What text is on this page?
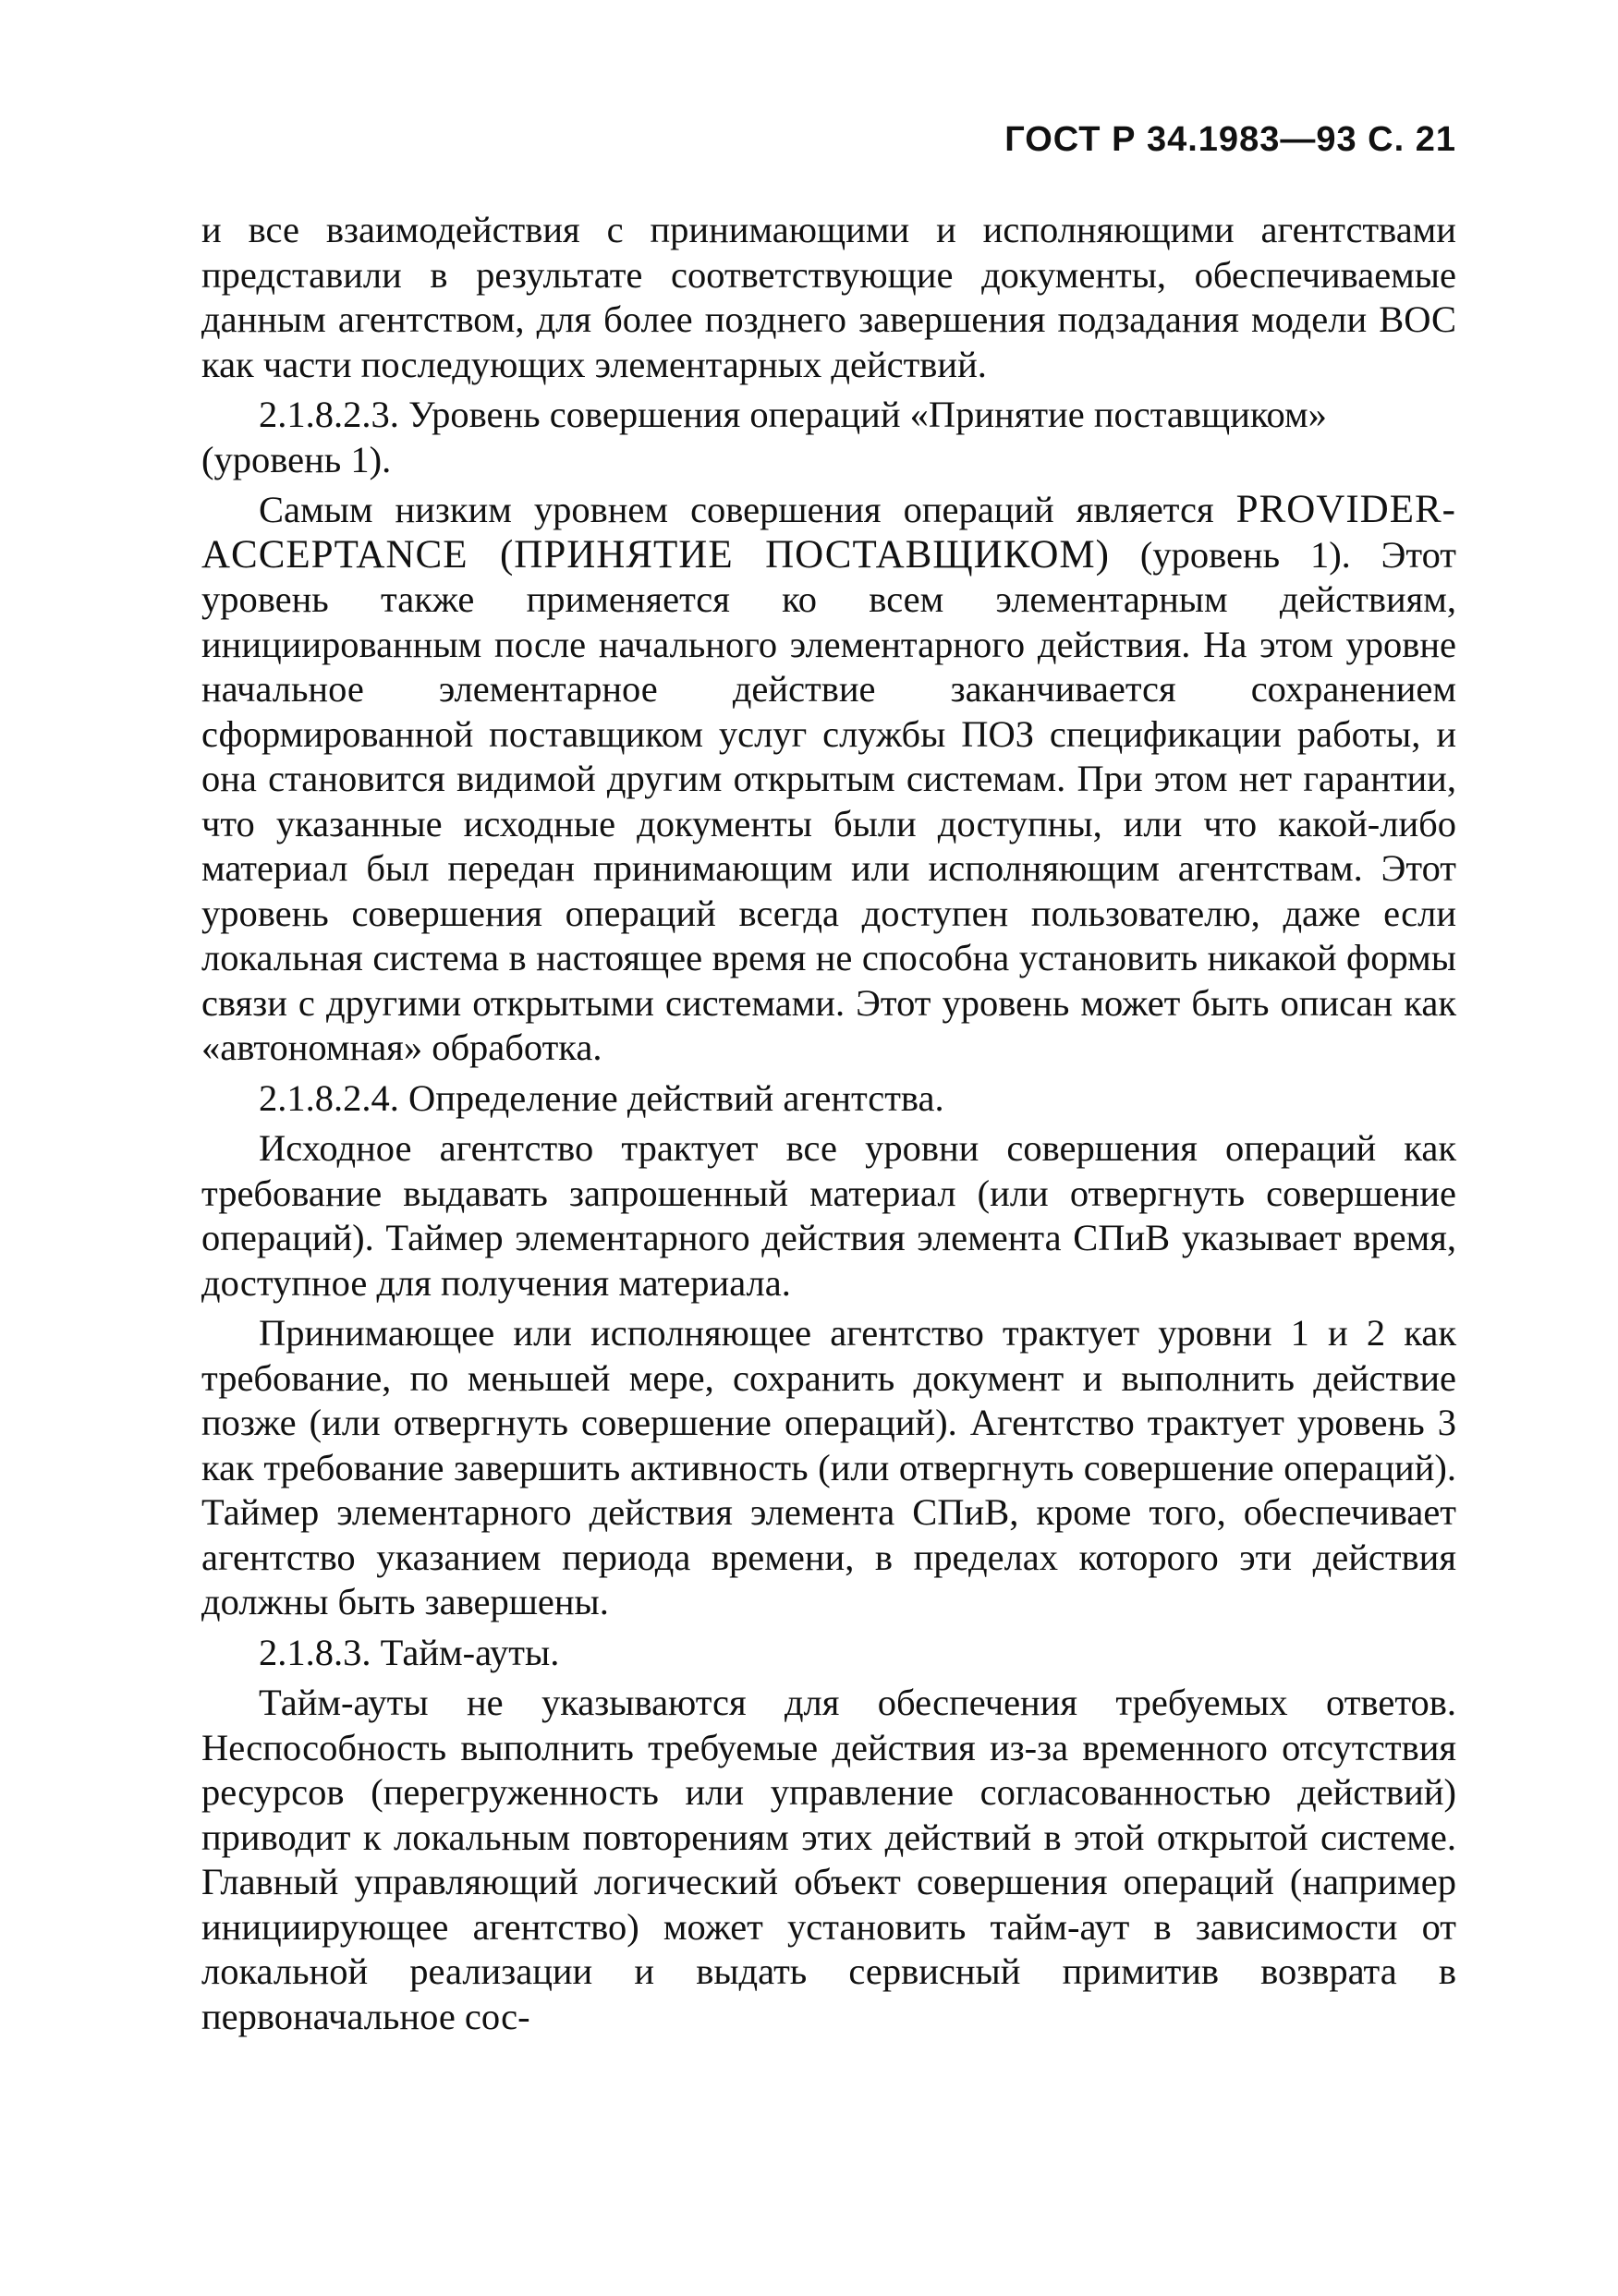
ГОСТ Р 34.1983—93 С. 21

и все взаимодействия с принимающими и исполняющими агентствами представили в результате соответствующие документы, обеспечиваемые данным агентством, для более позднего завершения подзадания модели ВОС как части последующих элементарных действий.

2.1.8.2.3. Уровень совершения операций «Принятие поставщиком» (уровень 1).

Самым низким уровнем совершения операций является PROVIDER-ACCEPTANCE (ПРИНЯТИЕ ПОСТАВЩИКОМ) (уровень 1). Этот уровень также применяется ко всем элементарным действиям, инициированным после начального элементарного действия. На этом уровне начальное элементарное действие заканчивается сохранением сформированной поставщиком услуг службы ПОЗ спецификации работы, и она становится видимой другим открытым системам. При этом нет гарантии, что указанные исходные документы были доступны, или что какой-либо материал был передан принимающим или исполняющим агентствам. Этот уровень совершения операций всегда доступен пользователю, даже если локальная система в настоящее время не способна установить никакой формы связи с другими открытыми системами. Этот уровень может быть описан как «автономная» обработка.

2.1.8.2.4. Определение действий агентства.

Исходное агентство трактует все уровни совершения операций как требование выдавать запрошенный материал (или отвергнуть совершение операций). Таймер элементарного действия элемента СПиВ указывает время, доступное для получения материала.

Принимающее или исполняющее агентство трактует уровни 1 и 2 как требование, по меньшей мере, сохранить документ и выполнить действие позже (или отвергнуть совершение операций). Агентство трактует уровень 3 как требование завершить активность (или отвергнуть совершение операций). Таймер элементарного действия элемента СПиВ, кроме того, обеспечивает агентство указанием периода времени, в пределах которого эти действия должны быть завершены.

2.1.8.3. Тайм-ауты.

Тайм-ауты не указываются для обеспечения требуемых ответов. Неспособность выполнить требуемые действия из-за временного отсутствия ресурсов (перегруженность или управление согласованностью действий) приводит к локальным повторениям этих действий в этой открытой системе. Главный управляющий логический объект совершения операций (например инициирующее агентство) может установить тайм-аут в зависимости от локальной реализации и выдать сервисный примитив возврата в первоначальное сос-
